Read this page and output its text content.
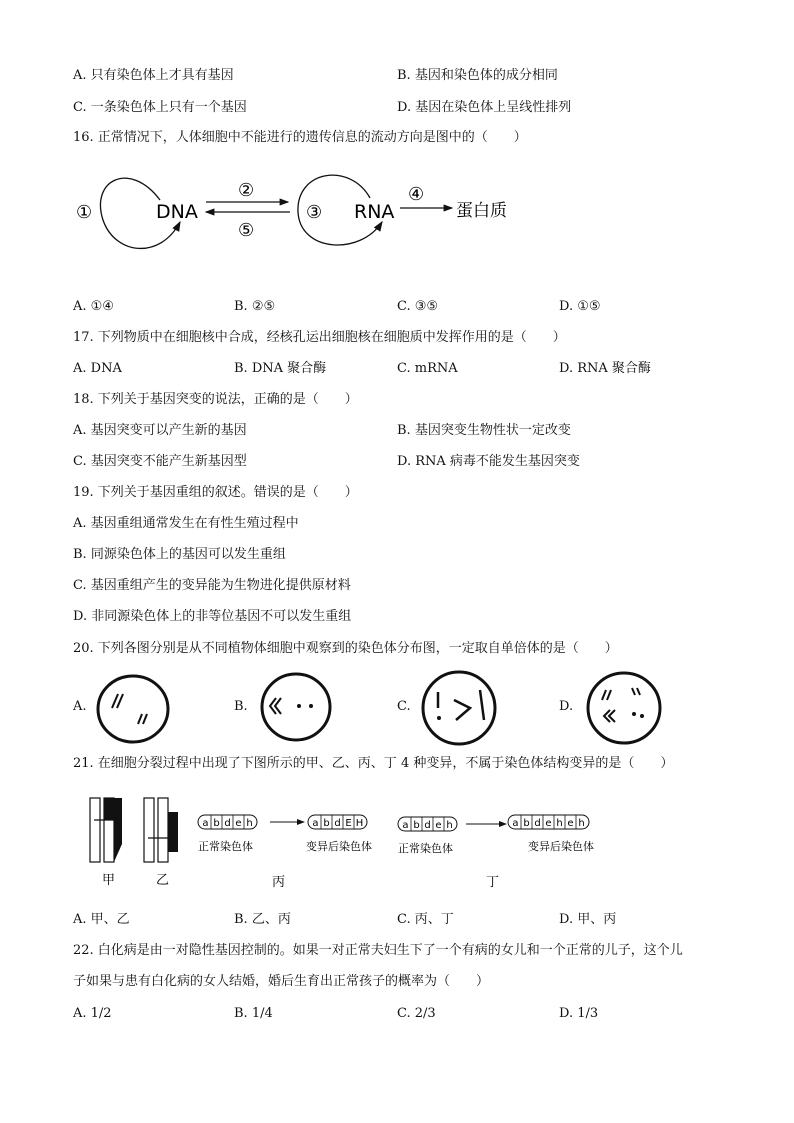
A. 只有染色体上才具有基因	B. 基因和染色体的成分相同
C. 一条染色体上只有一个基因	D. 基因在染色体上呈线性排列
16. 正常情况下，人体细胞中不能进行的遗传信息的流动方向是图中的（　　）
①	DNA
②
⑤
③ RNA
④
蛋白质
A. ①④	B. ②⑤	C. ③⑤	D. ①⑤
17. 下列物质中在细胞核中合成，经核孔运出细胞核在细胞质中发挥作用的是（　　）
A. DNA	B. DNA 聚合酶	C. mRNA	D. RNA 聚合酶
18. 下列关于基因突变的说法，正确的是（　　）
A. 基因突变可以产生新的基因	B. 基因突变生物性状一定改变
C. 基因突变不能产生新基因型	D. RNA 病毒不能发生基因突变
19. 下列关于基因重组的叙述。错误的是（　　）
A. 基因重组通常发生在有性生殖过程中
B. 同源染色体上的基因可以发生重组
C. 基因重组产生的变异能为生物进化提供原材料
D. 非同源染色体上的非等位基因不可以发生重组
20. 下列各图分别是从不同植物体细胞中观察到的染色体分布图，一定取自单倍体的是（　　）
A.	B.	C.	D.
21. 在细胞分裂过程中出现了下图所示的甲、乙、丙、丁 4 种变异，不属于染色体结构变异的是（　　）
甲	乙
a b d e h	a b d E H
正常染色体	变异后染色体
丙
a b d e h	a b d e h e h
正常染色体	变异后染色体
丁
A. 甲、乙	B. 乙、丙	C. 丙、丁	D. 甲、丙
22. 白化病是由一对隐性基因控制的。如果一对正常夫妇生下了一个有病的女儿和一个正常的儿子，这个儿
子如果与患有白化病的女人结婚，婚后生育出正常孩子的概率为（　　）
A. 1/2	B. 1/4	C. 2/3	D. 1/3
